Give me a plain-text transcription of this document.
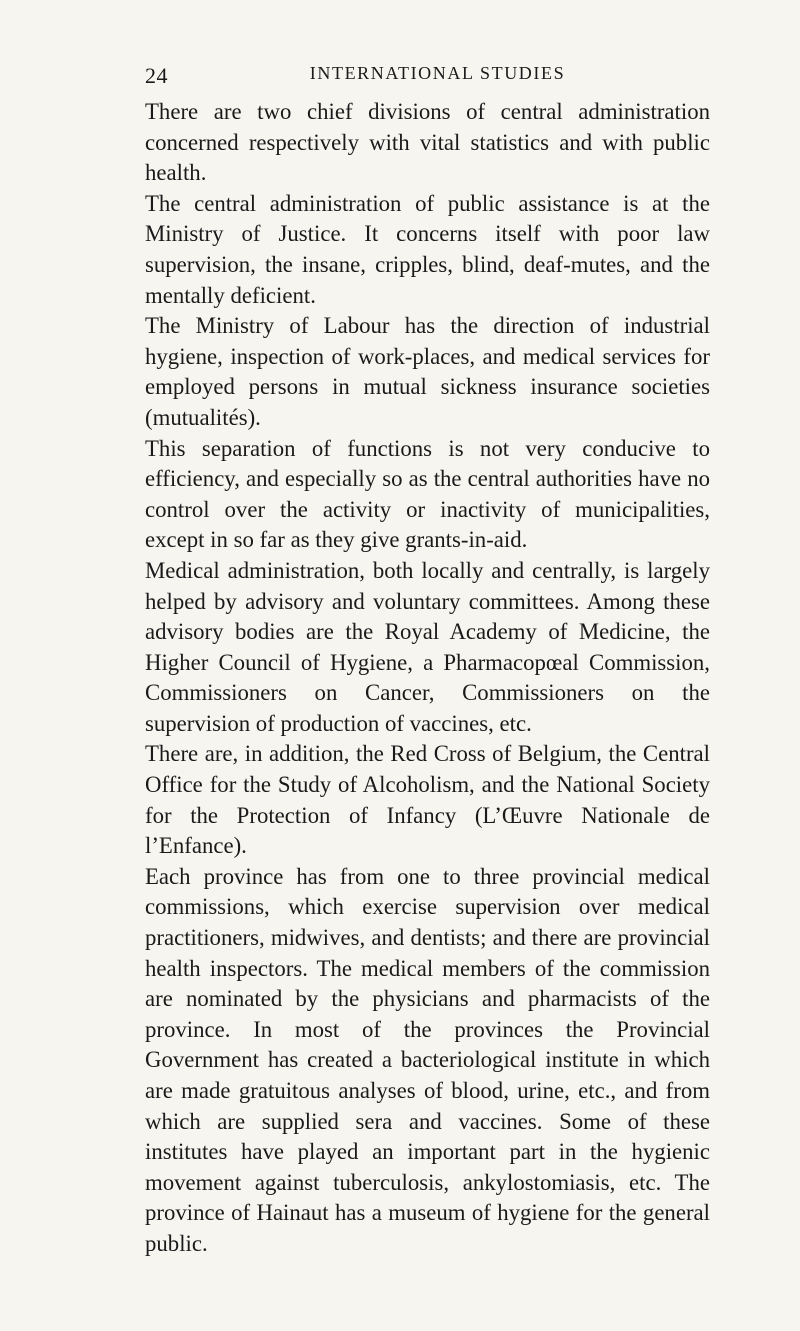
24	INTERNATIONAL STUDIES

There are two chief divisions of central administration concerned respectively with vital statistics and with public health.

The central administration of public assistance is at the Ministry of Justice. It concerns itself with poor law supervision, the insane, cripples, blind, deaf-mutes, and the mentally deficient.

The Ministry of Labour has the direction of industrial hygiene, inspection of work-places, and medical services for employed persons in mutual sickness insurance societies (mutualités).

This separation of functions is not very conducive to efficiency, and especially so as the central authorities have no control over the activity or inactivity of municipalities, except in so far as they give grants-in-aid.

Medical administration, both locally and centrally, is largely helped by advisory and voluntary committees. Among these advisory bodies are the Royal Academy of Medicine, the Higher Council of Hygiene, a Pharmacopœal Commission, Commissioners on Cancer, Commissioners on the supervision of production of vaccines, etc.

There are, in addition, the Red Cross of Belgium, the Central Office for the Study of Alcoholism, and the National Society for the Protection of Infancy (L’Œuvre Nationale de l’Enfance).

Each province has from one to three provincial medical commissions, which exercise supervision over medical practitioners, midwives, and dentists; and there are provincial health inspectors. The medical members of the commission are nominated by the physicians and pharmacists of the province. In most of the provinces the Provincial Government has created a bacteriological institute in which are made gratuitous analyses of blood, urine, etc., and from which are supplied sera and vaccines. Some of these institutes have played an important part in the hygienic movement against tuberculosis, ankylostomiasis, etc. The province of Hainaut has a museum of hygiene for the general public.
